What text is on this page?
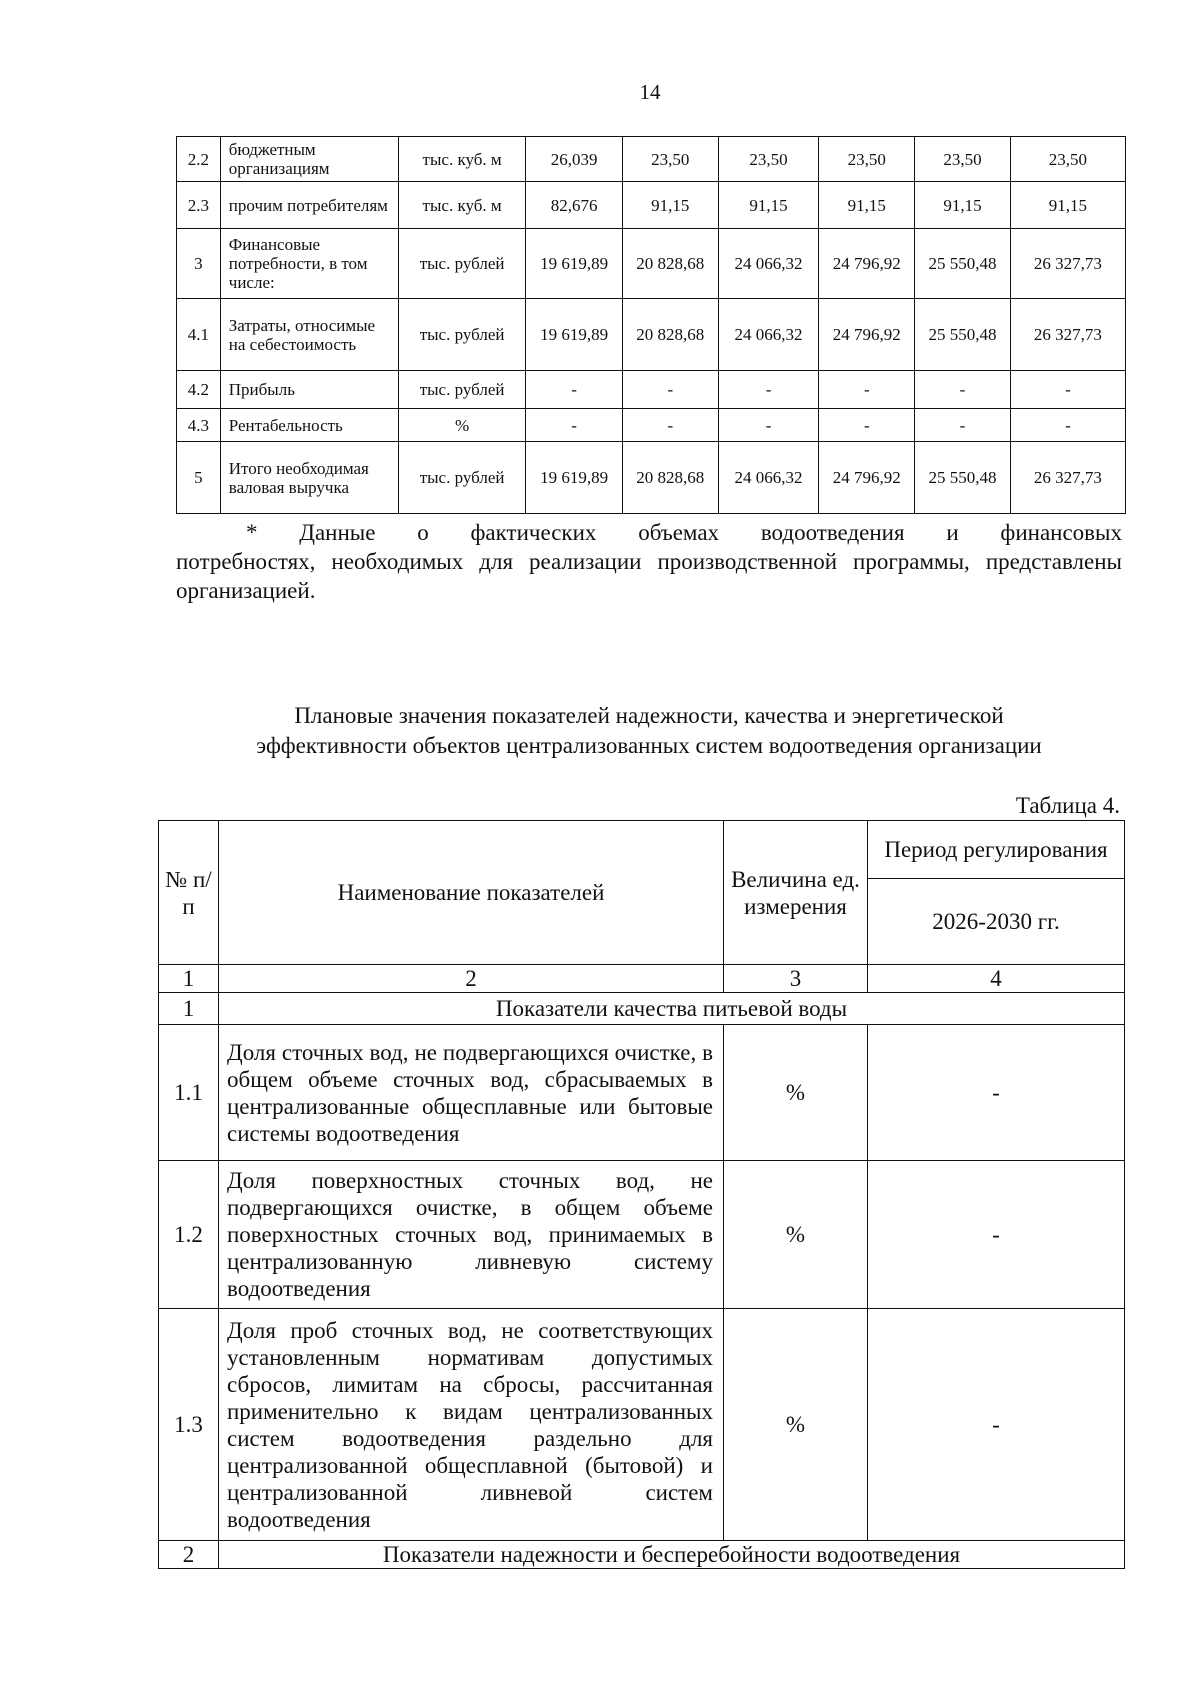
14
2.2	бюджетным организациям	тыс. куб. м	26,039	23,50	23,50	23,50	23,50	23,50
2.3	прочим потребителям	тыс. куб. м	82,676	91,15	91,15	91,15	91,15	91,15
3	Финансовые потребности, в том числе:	тыс. рублей	19 619,89	20 828,68	24 066,32	24 796,92	25 550,48	26 327,73
4.1	Затраты, относимые на себестоимость	тыс. рублей	19 619,89	20 828,68	24 066,32	24 796,92	25 550,48	26 327,73
4.2	Прибыль	тыс. рублей	-	-	-	-	-	-
4.3	Рентабельность	%	-	-	-	-	-	-
5	Итого необходимая валовая выручка	тыс. рублей	19 619,89	20 828,68	24 066,32	24 796,92	25 550,48	26 327,73
* Данные о фактических объемах водоотведения и финансовых
потребностях, необходимых для реализации производственной программы, представлены организацией.
Плановые значения показателей надежности, качества и энергетической
эффективности объектов централизованных систем водоотведения организации
Таблица 4.
№ п/п	Наименование показателей	Величина ед. измерения	Период регулирования
			2026-2030 гг.
1	2	3	4
1	Показатели качества питьевой воды		
1.1	Доля сточных вод, не подвергающихся очистке, в общем объеме сточных вод, сбрасываемых в централизованные общесплавные или бытовые системы водоотведения	%	-
1.2	Доля поверхностных сточных вод, не подвергающихся очистке, в общем объеме поверхностных сточных вод, принимаемых в централизованную ливневую систему водоотведения	%	-
1.3	Доля проб сточных вод, не соответствующих установленным нормативам допустимых сбросов, лимитам на сбросы, рассчитанная применительно к видам централизованных систем водоотведения раздельно для централизованной общесплавной (бытовой) и централизованной ливневой систем водоотведения	%	-
2	Показатели надежности и бесперебойности водоотведения		
